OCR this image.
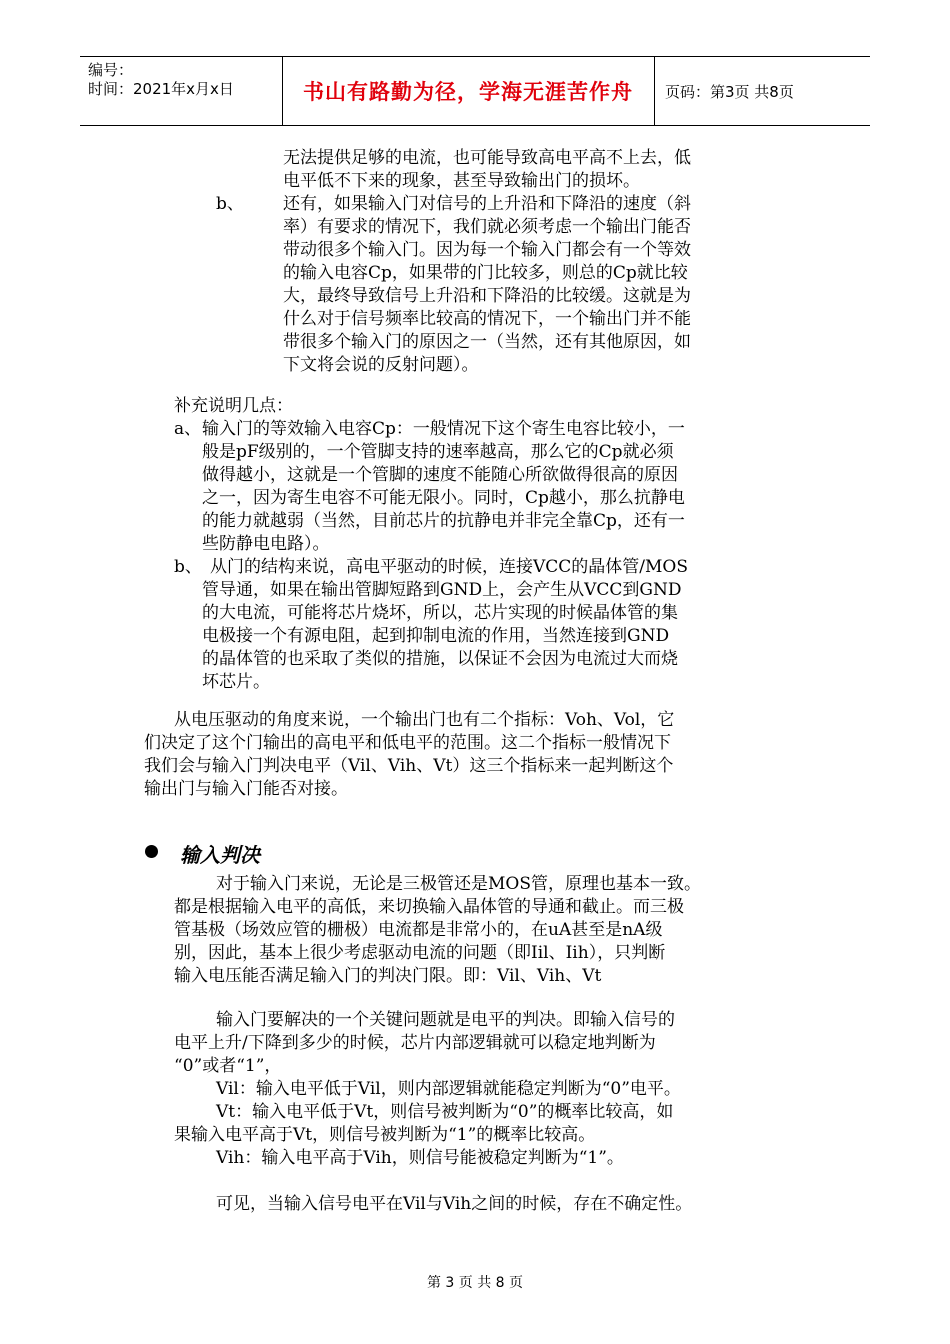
编号：
时间：2021年x月x日	书山有路勤为径，学海无涯苦作舟	页码：第3页 共8页
无法提供足够的电流，也可能导致高电平高不上去，低
电平低不下来的现象，甚至导致输出门的损坏。
b、 还有，如果输入门对信号的上升沿和下降沿的速度（斜
率）有要求的情况下，我们就必须考虑一个输出门能否
带动很多个输入门。因为每一个输入门都会有一个等效
的输入电容Cp，如果带的门比较多，则总的Cp就比较
大，最终导致信号上升沿和下降沿的比较缓。这就是为
什么对于信号频率比较高的情况下，一个输出门并不能
带很多个输入门的原因之一（当然，还有其他原因，如
下文将会说的反射问题）。
补充说明几点：
a、 输入门的等效输入电容Cp：一般情况下这个寄生电容比较小，一
般是pF级别的，一个管脚支持的速率越高，那么它的Cp就必须
做得越小，这就是一个管脚的速度不能随心所欲做得很高的原因
之一，因为寄生电容不可能无限小。同时，Cp越小，那么抗静电
的能力就越弱（当然，目前芯片的抗静电并非完全靠Cp，还有一
些防静电电路）。
b、 从门的结构来说，高电平驱动的时候，连接VCC的晶体管/MOS
管导通，如果在输出管脚短路到GND上，会产生从VCC到GND
的大电流，可能将芯片烧坏，所以，芯片实现的时候晶体管的集
电极接一个有源电阻，起到抑制电流的作用，当然连接到GND
的晶体管的也采取了类似的措施，以保证不会因为电流过大而烧
坏芯片。
从电压驱动的角度来说，一个输出门也有二个指标：Voh、Vol，它
们决定了这个门输出的高电平和低电平的范围。这二个指标一般情况下
我们会与输入门判决电平（Vil、Vih、Vt）这三个指标来一起判断这个
输出门与输入门能否对接。
输入判决
对于输入门来说，无论是三极管还是MOS管，原理也基本一致。
都是根据输入电平的高低，来切换输入晶体管的导通和截止。而三极
管基极（场效应管的栅极）电流都是非常小的，在uA甚至是nA级
别，因此，基本上很少考虑驱动电流的问题（即Iil、Iih），只判断
输入电压能否满足输入门的判决门限。即：Vil、Vih、Vt
输入门要解决的一个关键问题就是电平的判决。即输入信号的
电平上升/下降到多少的时候，芯片内部逻辑就可以稳定地判断为
“0”或者“1”，
Vil：输入电平低于Vil，则内部逻辑就能稳定判断为“0”电平。
Vt：输入电平低于Vt，则信号被判断为“0”的概率比较高，如
果输入电平高于Vt，则信号被判断为“1”的概率比较高。
Vih：输入电平高于Vih，则信号能被稳定判断为“1”。
可见，当输入信号电平在Vil与Vih之间的时候，存在不确定性。
第 3 页 共 8 页
